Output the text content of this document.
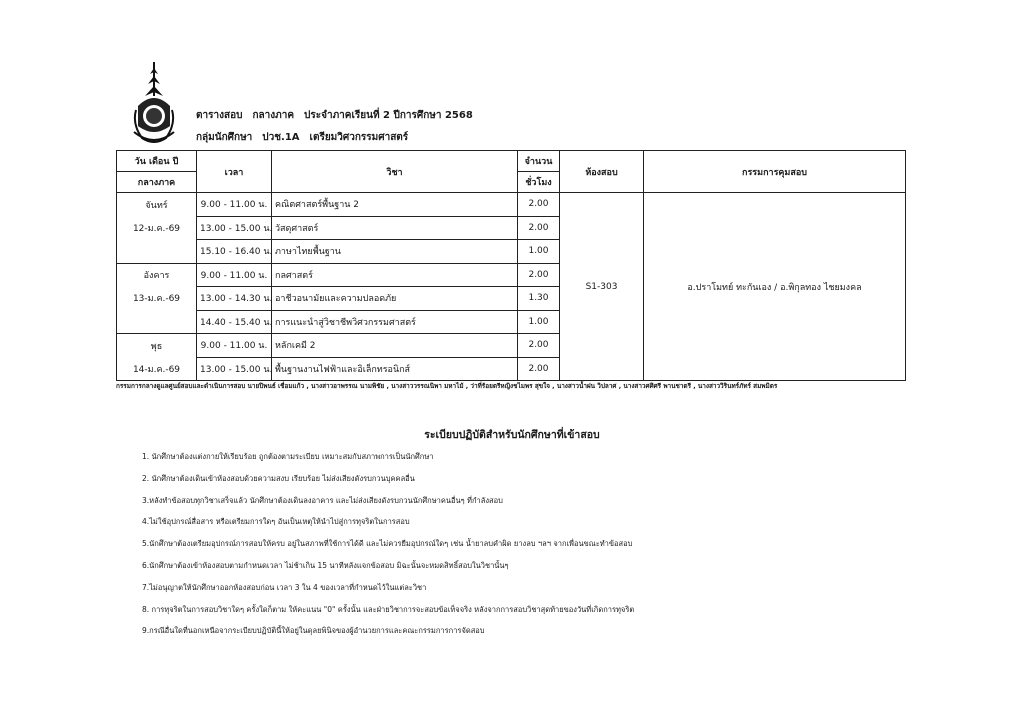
ตารางสอบ กลางภาค ประจำภาคเรียนที่ 2 ปีการศึกษา 2568
กลุ่มนักศึกษา ปวช.1A เตรียมวิศวกรรมศาสตร์
วัน เดือน ปี	เวลา	วิชา	จำนวน	ห้องสอบ	กรรมการคุมสอบ
กลางภาค			ชั่วโมง		
จันทร์	9.00 - 11.00 น.	คณิตศาสตร์พื้นฐาน 2	2.00	S1-303	อ.ปราโมทย์ ทะกันเอง / อ.พิกุลทอง ไชยมงคล
12-ม.ค.-69	13.00 - 15.00 น.	วัสดุศาสตร์	2.00		
	15.10 - 16.40 น.	ภาษาไทยพื้นฐาน	1.00		
อังคาร	9.00 - 11.00 น.	กลศาสตร์	2.00		
13-ม.ค.-69	13.00 - 14.30 น.	อาชีวอนามัยและความปลอดภัย	1.30		
	14.40 - 15.40 น.	การแนะนำสู่วิชาชีพวิศวกรรมศาสตร์	1.00		
พุธ	9.00 - 11.00 น.	หลักเคมี 2	2.00		
14-ม.ค.-69	13.00 - 15.00 น.	พื้นฐานงานไฟฟ้าและอิเล็กทรอนิกส์	2.00		
กรรมการกลางดูแลศูนย์สอบและดำเนินการสอบ นายปิพนธ์ เชื่อมแก้ว , นางสาวอาพรรณ นามพิชัย , นางสาววรรณนิพา มหาไม้ , ว่าที่ร้อยตรีหญิงชไมพร สุขใจ , นางสาวน้ำฝน วิปลาศ , นางสาวศศิศรี พานชาตรี , นางสาววิรินทร์ภัทร์ สมพมิตร
ระเบียบปฏิบัติสำหรับนักศึกษาที่เข้าสอบ
1. นักศึกษาต้องแต่งกายให้เรียบร้อย ถูกต้องตามระเบียบ เหมาะสมกับสภาพการเป็นนักศึกษา
2. นักศึกษาต้องเดินเข้าห้องสอบด้วยความสงบ เรียบร้อย ไม่ส่งเสียงดังรบกวนบุคคลอื่น
3.หลังทำข้อสอบทุกวิชาเสร็จแล้ว นักศึกษาต้องเดินลงอาคาร และไม่ส่งเสียงดังรบกวนนักศึกษาคนอื่นๆ ที่กำลังสอบ
4.ไม่ใช้อุปกรณ์สื่อสาร หรือเตรียมการใดๆ อันเป็นเหตุให้นำไปสู่การทุจริตในการสอบ
5.นักศึกษาต้องเตรียมอุปกรณ์การสอบให้ครบ อยู่ในสภาพที่ใช้การได้ดี และไม่ควรยืมอุปกรณ์ใดๆ เช่น น้ำยาลบคำผิด ยางลบ ฯลฯ จากเพื่อนขณะทำข้อสอบ
6.นักศึกษาต้องเข้าห้องสอบตามกำหนดเวลา ไม่ช้าเกิน 15 นาทีหลังแจกข้อสอบ มิฉะนั้นจะหมดสิทธิ์สอบในวิชานั้นๆ
7.ไม่อนุญาตให้นักศึกษาออกห้องสอบก่อน เวลา 3 ใน 4 ของเวลาที่กำหนดไว้ในแต่ละวิชา
8. การทุจริตในการสอบวิชาใดๆ ครั้งใดก็ตาม ให้คะแนน "0" ครั้งนั้น และฝ่ายวิชาการจะสอบข้อเท็จจริง หลังจากการสอบวิชาสุดท้ายของวันที่เกิดการทุจริต
9.กรณีอื่นใดที่นอกเหนือจากระเบียบปฏิบัตินี้ให้อยู่ในดุลยพินิจของผู้อำนวยการและคณะกรรมการการจัดสอบ
